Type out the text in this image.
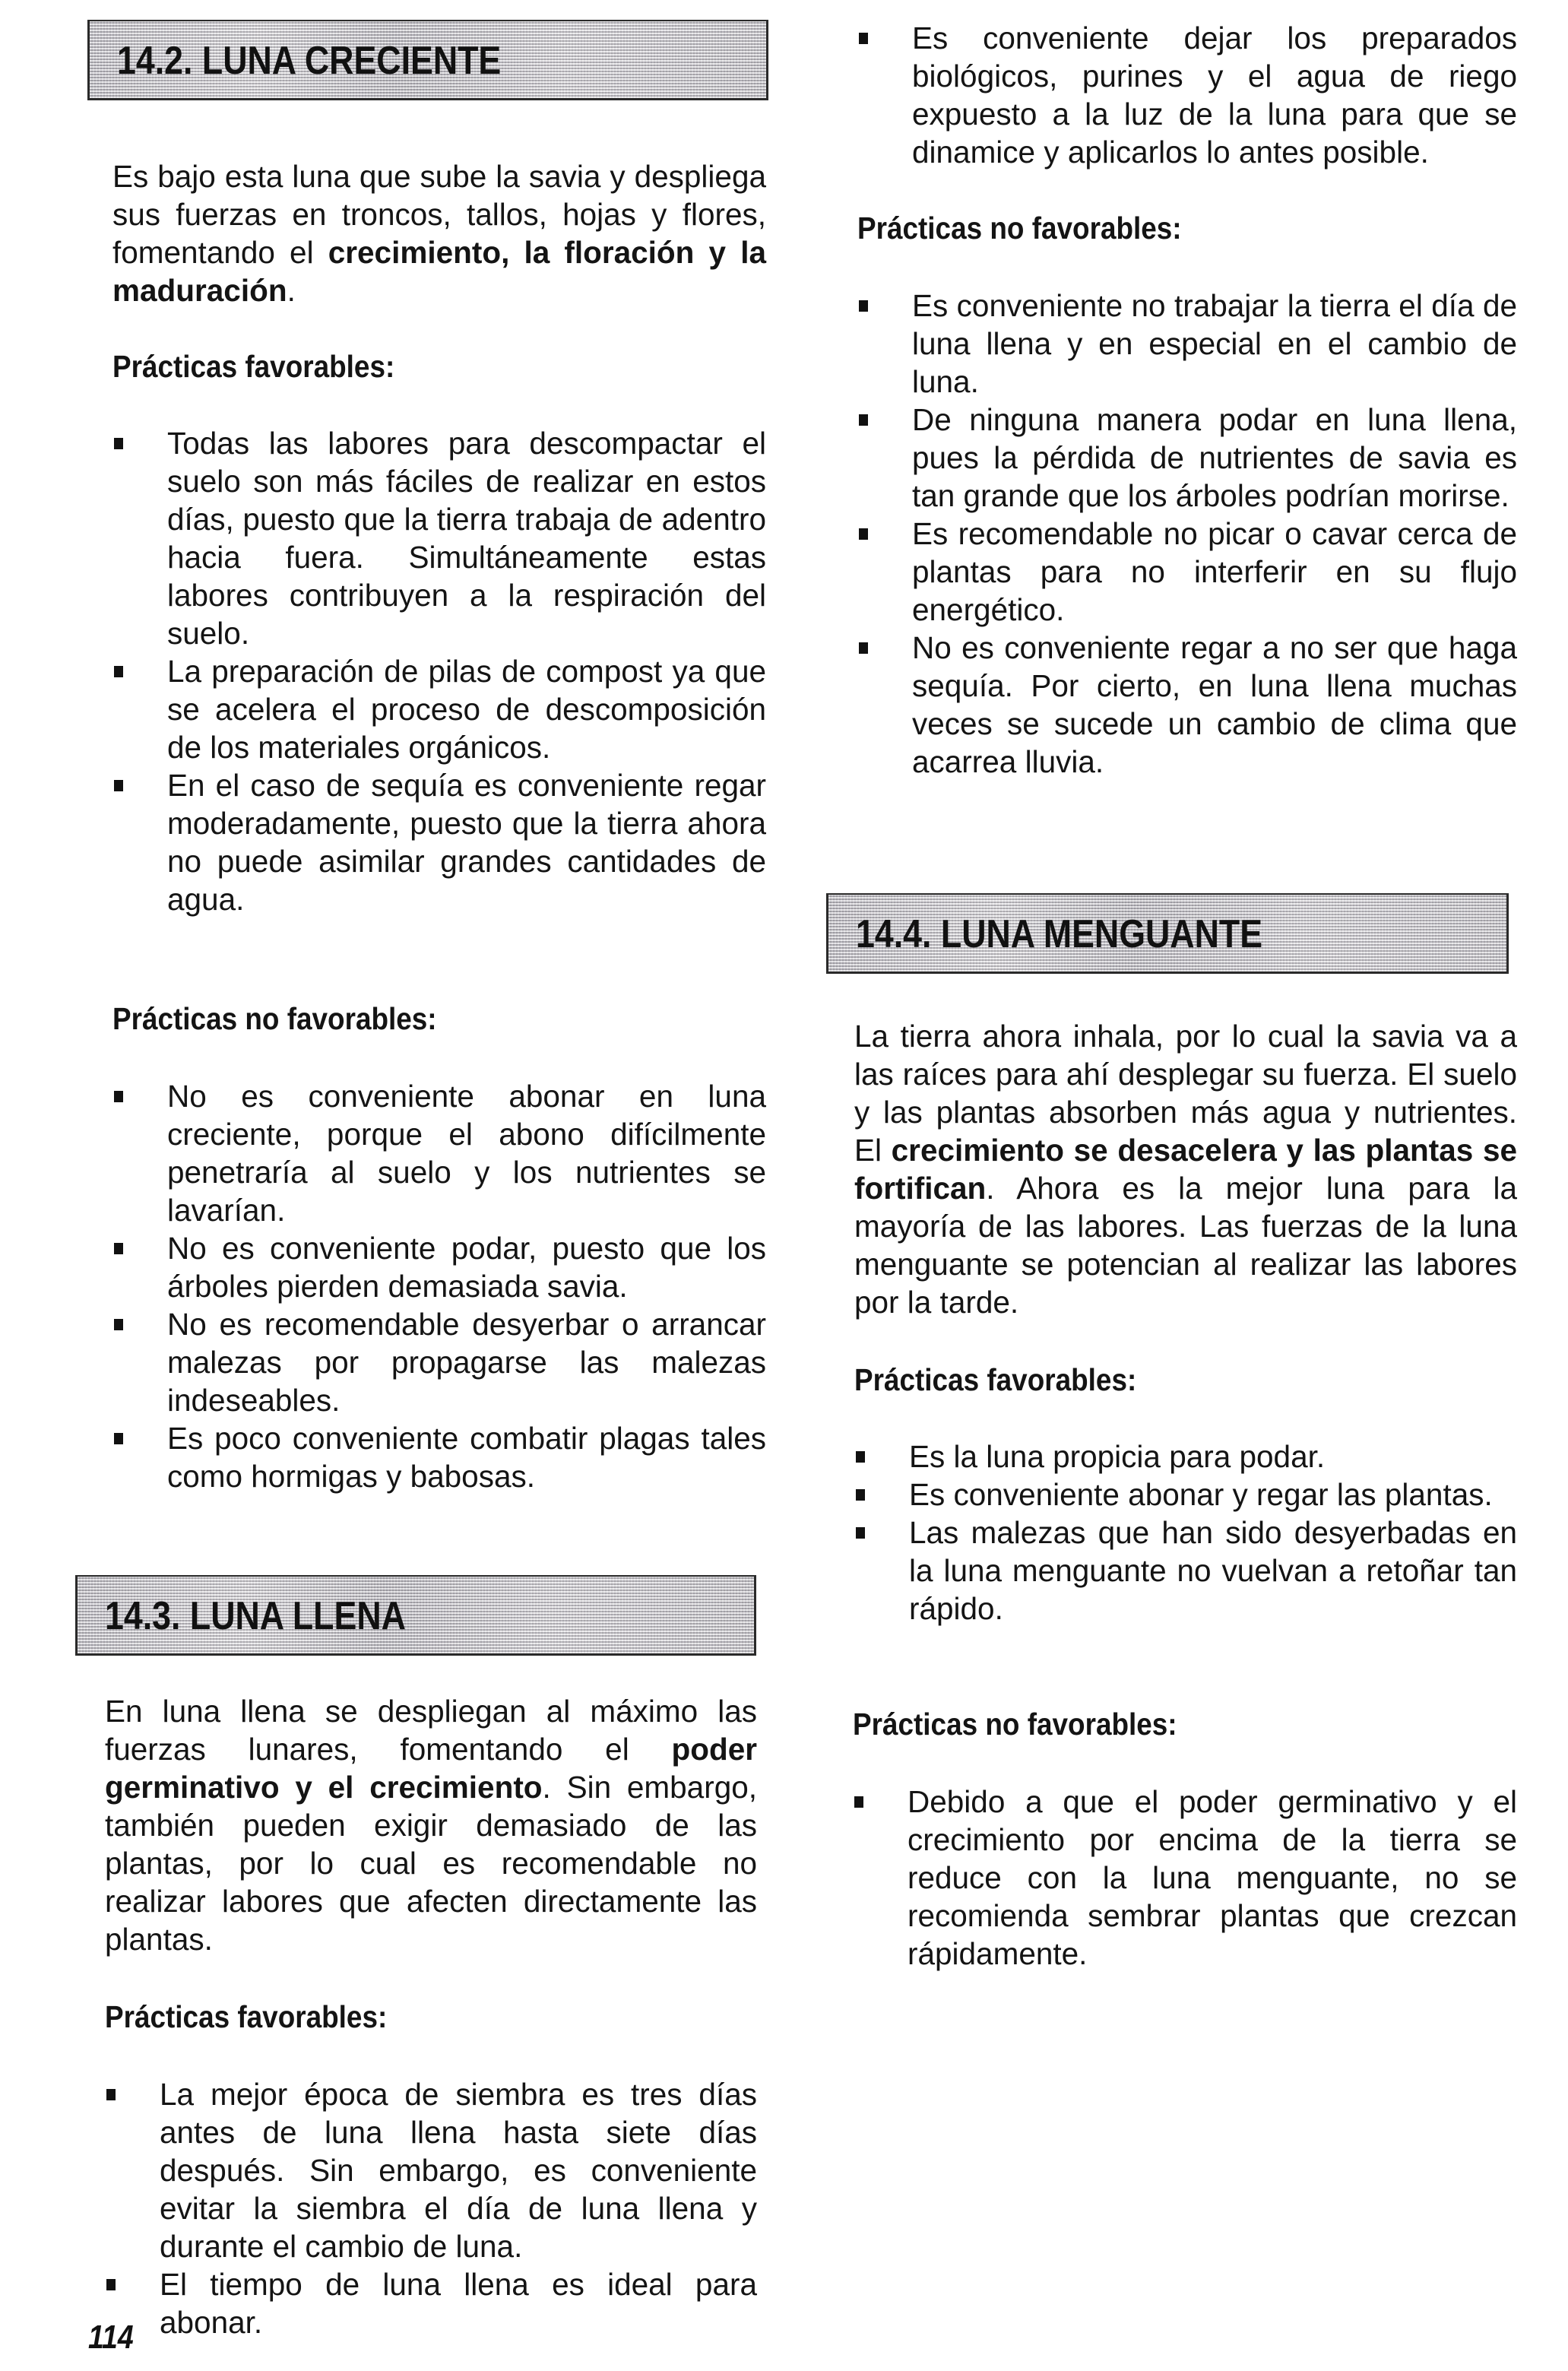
14.2. LUNA CRECIENTE

Es bajo esta luna que sube la savia y despliega sus fuerzas en troncos, tallos, hojas y flores, fomentando el crecimiento, la floración y la maduración.

Prácticas favorables:
Todas las labores para descompactar el suelo son más fáciles de realizar en estos días, puesto que la tierra trabaja de adentro hacia fuera. Simultáneamente estas labores contribuyen a la respiración del suelo.
La preparación de pilas de compost ya que se acelera el proceso de descomposición de los materiales orgánicos.
En el caso de sequía es conveniente regar moderadamente, puesto que la tierra ahora no puede asimilar grandes cantidades de agua.
Prácticas no favorables:
No es conveniente abonar en luna creciente, porque el abono difícilmente penetraría al suelo y los nutrientes se lavarían.
No es conveniente podar, puesto que los árboles pierden demasiada savia.
No es recomendable desyerbar o arrancar malezas por propagarse las malezas indeseables.
Es poco conveniente combatir plagas tales como hormigas y babosas.
14.3. LUNA LLENA

En luna llena se despliegan al máximo las fuerzas lunares, fomentando el poder germinativo y el crecimiento. Sin embargo, también pueden exigir demasiado de las plantas, por lo cual es recomendable no realizar labores que afecten directamente las plantas.

Prácticas favorables:
La mejor época de siembra es tres días antes de luna llena hasta siete días después. Sin embargo, es conveniente evitar la siembra el día de luna llena y durante el cambio de luna.
El tiempo de luna llena es ideal para abonar.
114
Es conveniente dejar los preparados biológicos, purines y el agua de riego expuesto a la luz de la luna para que se dinamice y aplicarlos lo antes posible.
Prácticas no favorables:
Es conveniente no trabajar la tierra el día de luna llena y en especial en el cambio de luna.
De ninguna manera podar en luna llena, pues la pérdida de nutrientes de savia es tan grande que los árboles podrían morirse.
Es recomendable no picar o cavar cerca de plantas para no interferir en su flujo energético.
No es conveniente regar a no ser que haga sequía. Por cierto, en luna llena muchas veces se sucede un cambio de clima que acarrea lluvia.
14.4. LUNA MENGUANTE

La tierra ahora inhala, por lo cual la savia va a las raíces para ahí desplegar su fuerza. El suelo y las plantas absorben más agua y nutrientes. El crecimiento se desacelera y las plantas se fortifican. Ahora es la mejor luna para la mayoría de las labores. Las fuerzas de la luna menguante se potencian al realizar las labores por la tarde.

Prácticas favorables:
Es la luna propicia para podar.
Es conveniente abonar y regar las plantas.
Las malezas que han sido desyerbadas en la luna menguante no vuelvan a retoñar tan rápido.
Prácticas no favorables:
Debido a que el poder germinativo y el crecimiento por encima de la tierra se reduce con la luna menguante, no se recomienda sembrar plantas que crezcan rápidamente.
